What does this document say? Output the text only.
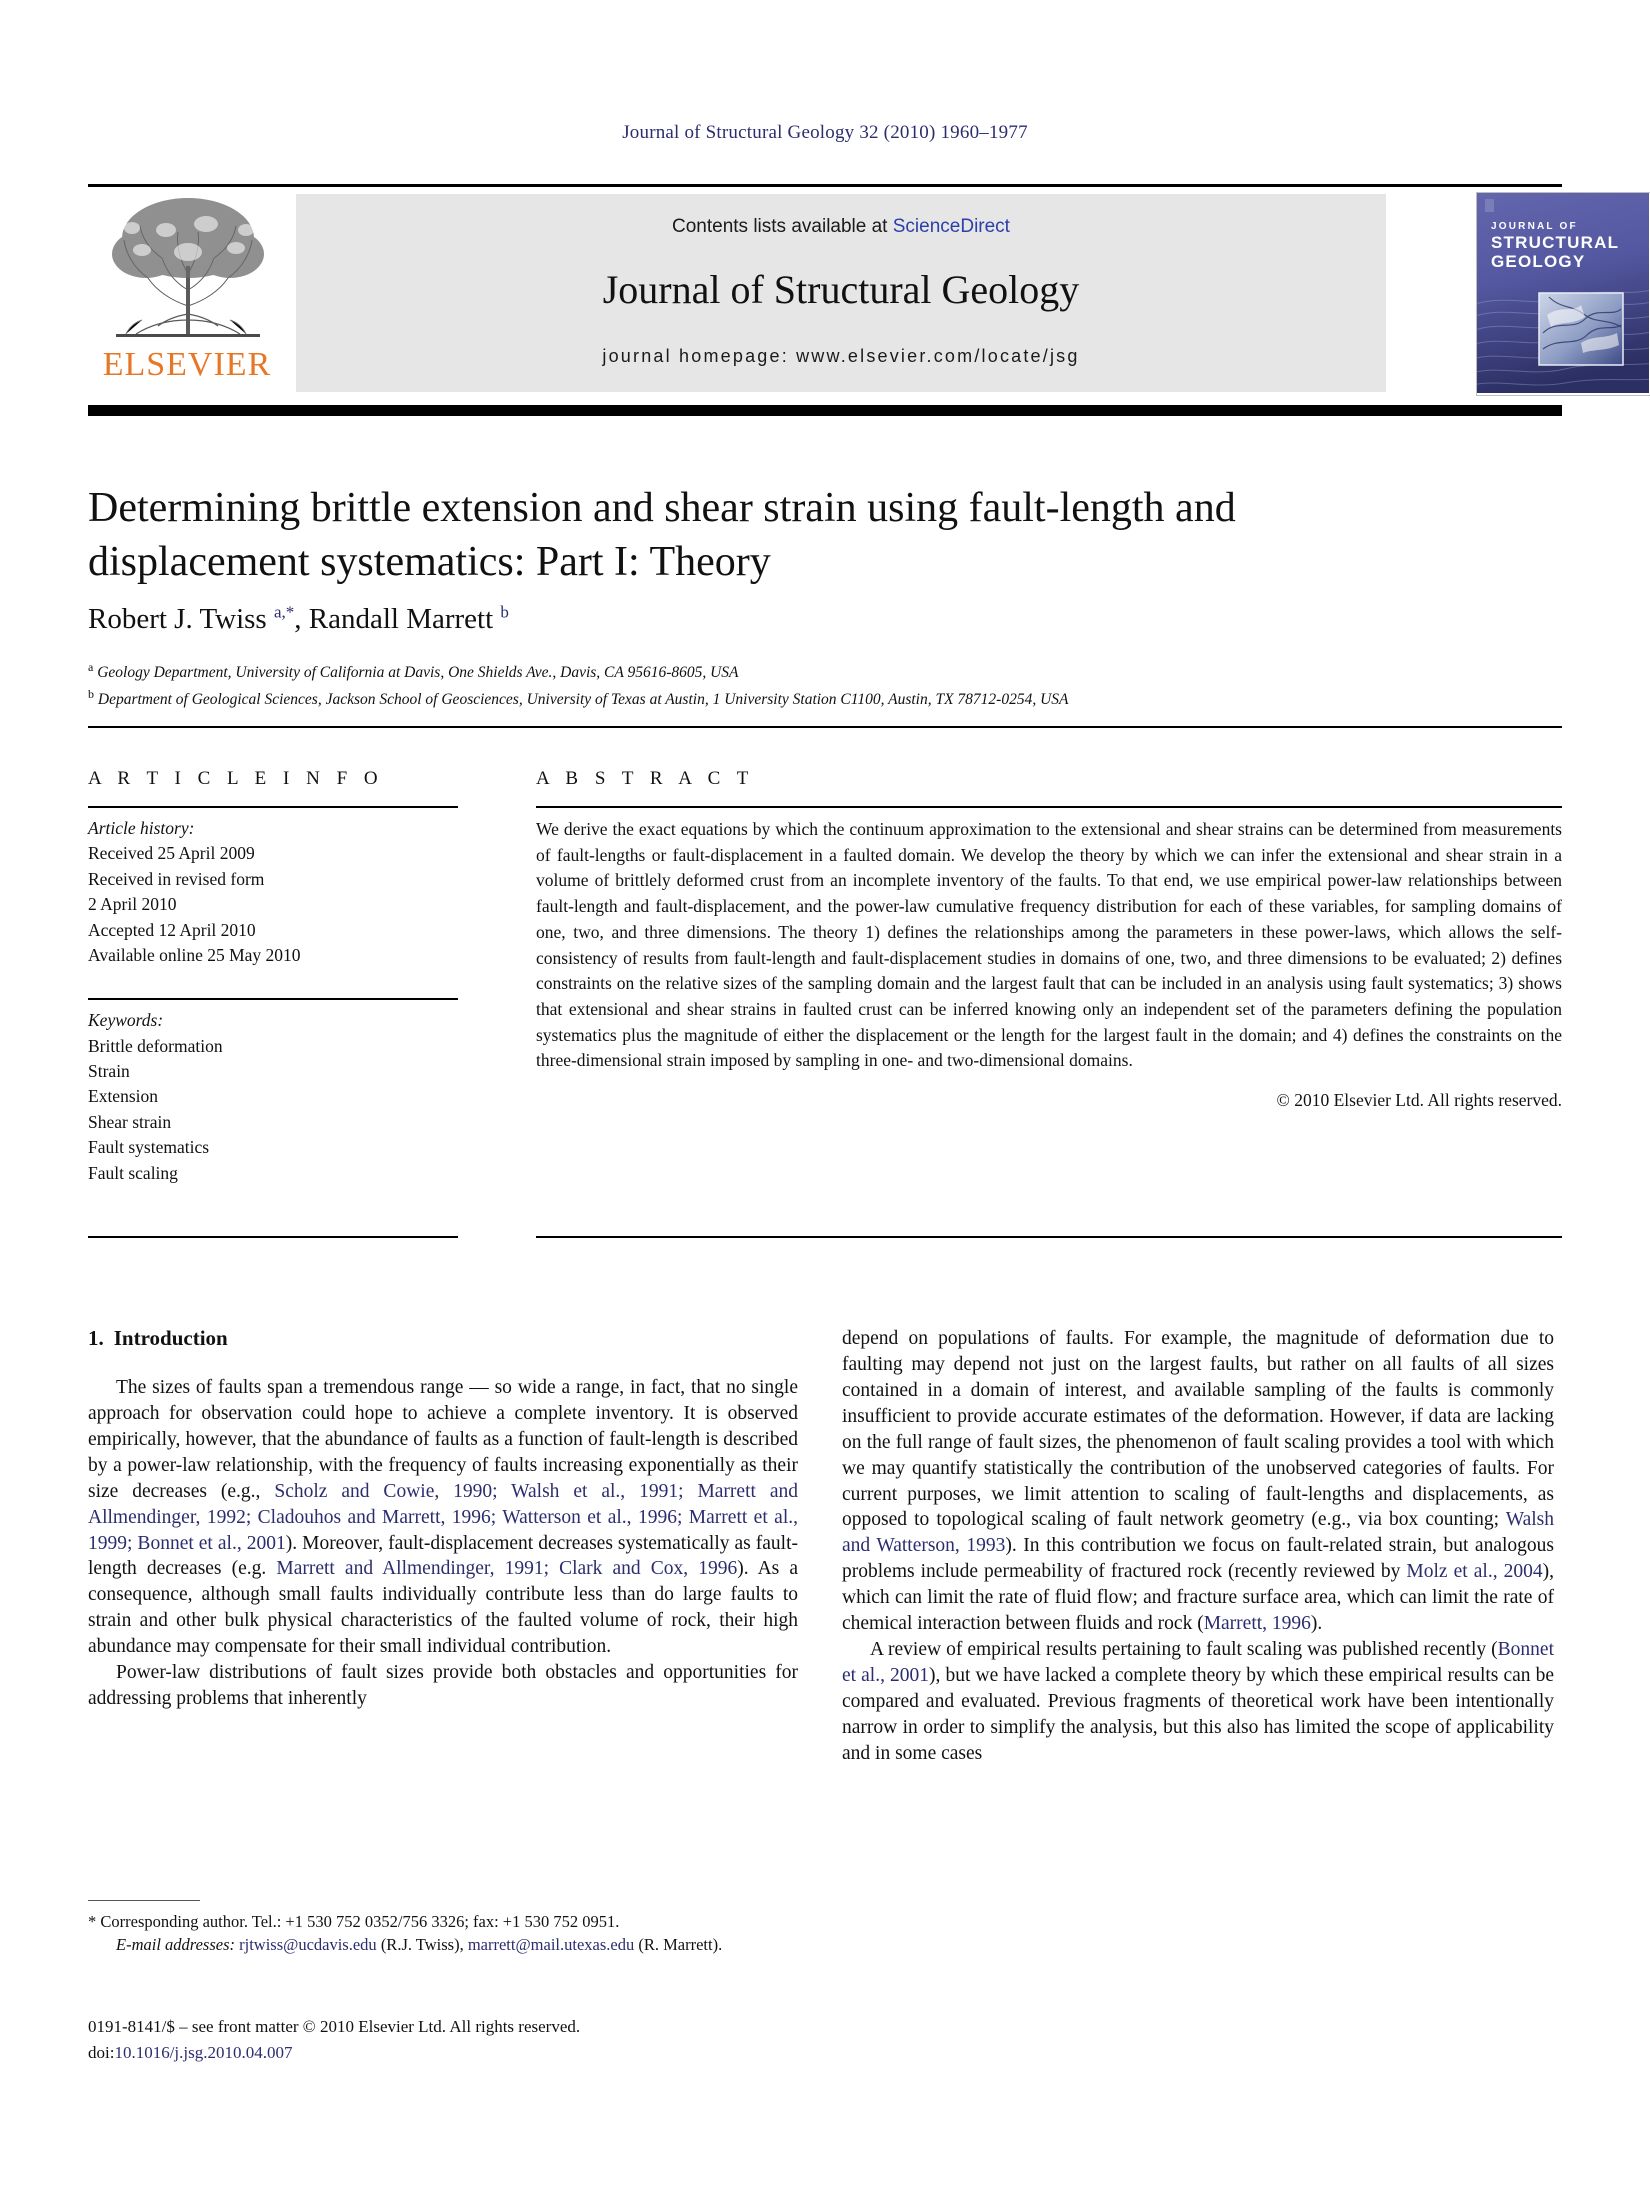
Journal of Structural Geology 32 (2010) 1960–1977
ELSEVIER
Contents lists available at ScienceDirect
Journal of Structural Geology
journal homepage: www.elsevier.com/locate/jsg
JOURNAL OF
STRUCTURAL
GEOLOGY
Determining brittle extension and shear strain using fault-length and displacement systematics: Part I: Theory
Robert J. Twiss $^{a,*}$, Randall Marrett $^b$
$^a$ Geology Department, University of California at Davis, One Shields Ave., Davis, CA 95616-8605, USA
$^b$ Department of Geological Sciences, Jackson School of Geosciences, University of Texas at Austin, 1 University Station C1100, Austin, TX 78712-0254, USA
A R T I C L E I N F O
Article history:
Received 25 April 2009
Received in revised form
2 April 2010
Accepted 12 April 2010
Available online 25 May 2010
Keywords:
Brittle deformation
Strain
Extension
Shear strain
Fault systematics
Fault scaling
A B S T R A C T
We derive the exact equations by which the continuum approximation to the extensional and shear strains can be determined from measurements of fault-lengths or fault-displacement in a faulted domain. We develop the theory by which we can infer the extensional and shear strain in a volume of brittlely deformed crust from an incomplete inventory of the faults. To that end, we use empirical power-law relationships between fault-length and fault-displacement, and the power-law cumulative frequency distribution for each of these variables, for sampling domains of one, two, and three dimensions. The theory 1) defines the relationships among the parameters in these power-laws, which allows the self-consistency of results from fault-length and fault-displacement studies in domains of one, two, and three dimensions to be evaluated; 2) defines constraints on the relative sizes of the sampling domain and the largest fault that can be included in an analysis using fault systematics; 3) shows that extensional and shear strains in faulted crust can be inferred knowing only an independent set of the parameters defining the population systematics plus the magnitude of either the displacement or the length for the largest fault in the domain; and 4) defines the constraints on the three-dimensional strain imposed by sampling in one- and two-dimensional domains.
© 2010 Elsevier Ltd. All rights reserved.
1. Introduction

The sizes of faults span a tremendous range — so wide a range, in fact, that no single approach for observation could hope to achieve a complete inventory. It is observed empirically, however, that the abundance of faults as a function of fault-length is described by a power-law relationship, with the frequency of faults increasing exponentially as their size decreases (e.g., Scholz and Cowie, 1990; Walsh et al., 1991; Marrett and Allmendinger, 1992; Cladouhos and Marrett, 1996; Watterson et al., 1996; Marrett et al., 1999; Bonnet et al., 2001). Moreover, fault-displacement decreases systematically as fault-length decreases (e.g. Marrett and Allmendinger, 1991; Clark and Cox, 1996). As a consequence, although small faults individually contribute less than do large faults to strain and other bulk physical characteristics of the faulted volume of rock, their high abundance may compensate for their small individual contribution.

Power-law distributions of fault sizes provide both obstacles and opportunities for addressing problems that inherently

depend on populations of faults. For example, the magnitude of deformation due to faulting may depend not just on the largest faults, but rather on all faults of all sizes contained in a domain of interest, and available sampling of the faults is commonly insufficient to provide accurate estimates of the deformation. However, if data are lacking on the full range of fault sizes, the phenomenon of fault scaling provides a tool with which we may quantify statistically the contribution of the unobserved categories of faults. For current purposes, we limit attention to scaling of fault-lengths and displacements, as opposed to topological scaling of fault network geometry (e.g., via box counting; Walsh and Watterson, 1993). In this contribution we focus on fault-related strain, but analogous problems include permeability of fractured rock (recently reviewed by Molz et al., 2004), which can limit the rate of fluid flow; and fracture surface area, which can limit the rate of chemical interaction between fluids and rock (Marrett, 1996).

A review of empirical results pertaining to fault scaling was published recently (Bonnet et al., 2001), but we have lacked a complete theory by which these empirical results can be compared and evaluated. Previous fragments of theoretical work have been intentionally narrow in order to simplify the analysis, but this also has limited the scope of applicability and in some cases

* Corresponding author. Tel.: +1 530 752 0352/756 3326; fax: +1 530 752 0951.
E-mail addresses: rjtwiss@ucdavis.edu (R.J. Twiss), marrett@mail.utexas.edu (R. Marrett).
0191-8141/$ – see front matter © 2010 Elsevier Ltd. All rights reserved.
doi:10.1016/j.jsg.2010.04.007
